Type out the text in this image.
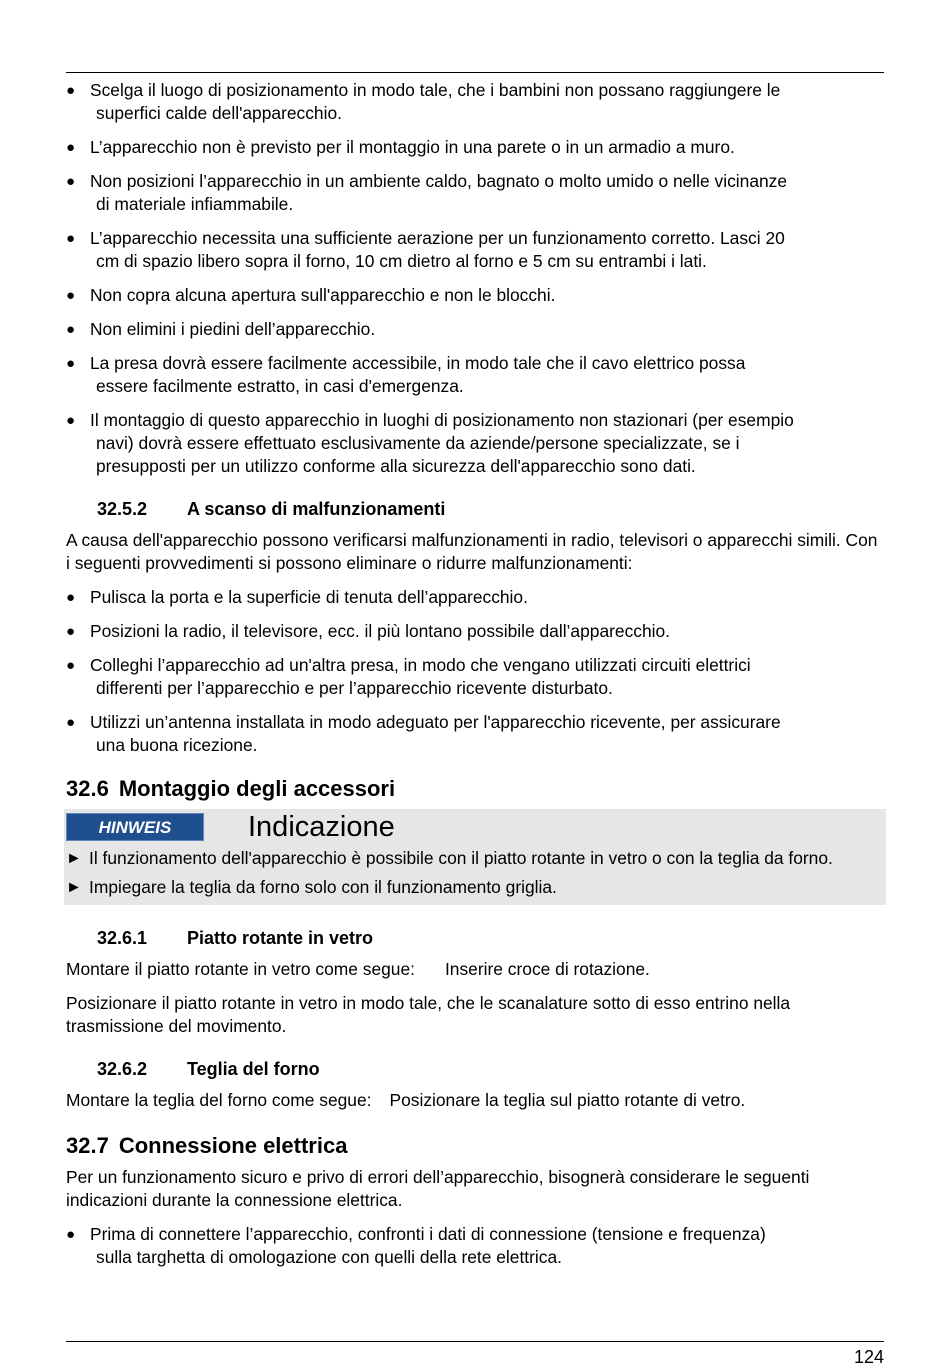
● Scelga il luogo di posizionamento in modo tale, che i bambini non possano raggiungere le
superfici calde dell'apparecchio.
● L’apparecchio non è previsto per il montaggio in una parete o in un armadio a muro.
● Non posizioni l’apparecchio in un ambiente caldo, bagnato o molto umido o nelle vicinanze
di materiale infiammabile.
● L’apparecchio necessita una sufficiente aerazione per un funzionamento corretto. Lasci 20
cm di spazio libero sopra il forno, 10 cm dietro al forno e 5 cm su entrambi i lati.
● Non copra alcuna apertura sull'apparecchio e non le blocchi.
● Non elimini i piedini dell’apparecchio.
● La presa dovrà essere facilmente accessibile, in modo tale che il cavo elettrico possa
essere facilmente estratto, in casi d'emergenza.
● Il montaggio di questo apparecchio in luoghi di posizionamento non stazionari (per esempio
navi) dovrà essere effettuato esclusivamente da aziende/persone specializzate, se i
presupposti per un utilizzo conforme alla sicurezza dell'apparecchio sono dati.
32.5.2	A scanso di malfunzionamenti

A causa dell'apparecchio possono verificarsi malfunzionamenti in radio, televisori o apparecchi simili. Con i seguenti provvedimenti si possono eliminare o ridurre malfunzionamenti:

● Pulisca la porta e la superficie di tenuta dell’apparecchio.
● Posizioni la radio, il televisore, ecc. il più lontano possibile dall’apparecchio.
● Colleghi l’apparecchio ad un'altra presa, in modo che vengano utilizzati circuiti elettrici
differenti per l’apparecchio e per l’apparecchio ricevente disturbato.
● Utilizzi un’antenna installata in modo adeguato per l'apparecchio ricevente, per assicurare
una buona ricezione.
32.6 Montaggio degli accessori
HINWEIS	Indicazione
► Il funzionamento dell'apparecchio è possibile con il piatto rotante in vetro o con la teglia da forno.
► Impiegare la teglia da forno solo con il funzionamento griglia.
32.6.1	Piatto rotante in vetro

Montare il piatto rotante in vetro come segue: Inserire croce di rotazione.

Posizionare il piatto rotante in vetro in modo tale, che le scanalature sotto di esso entrino nella trasmissione del movimento.

32.6.2	Teglia del forno

Montare la teglia del forno come segue: Posizionare la teglia sul piatto rotante di vetro.

32.7 Connessione elettrica

Per un funzionamento sicuro e privo di errori dell’apparecchio, bisognerà considerare le seguenti indicazioni durante la connessione elettrica.

● Prima di connettere l’apparecchio, confronti i dati di connessione (tensione e frequenza)
sulla targhetta di omologazione con quelli della rete elettrica.
124
